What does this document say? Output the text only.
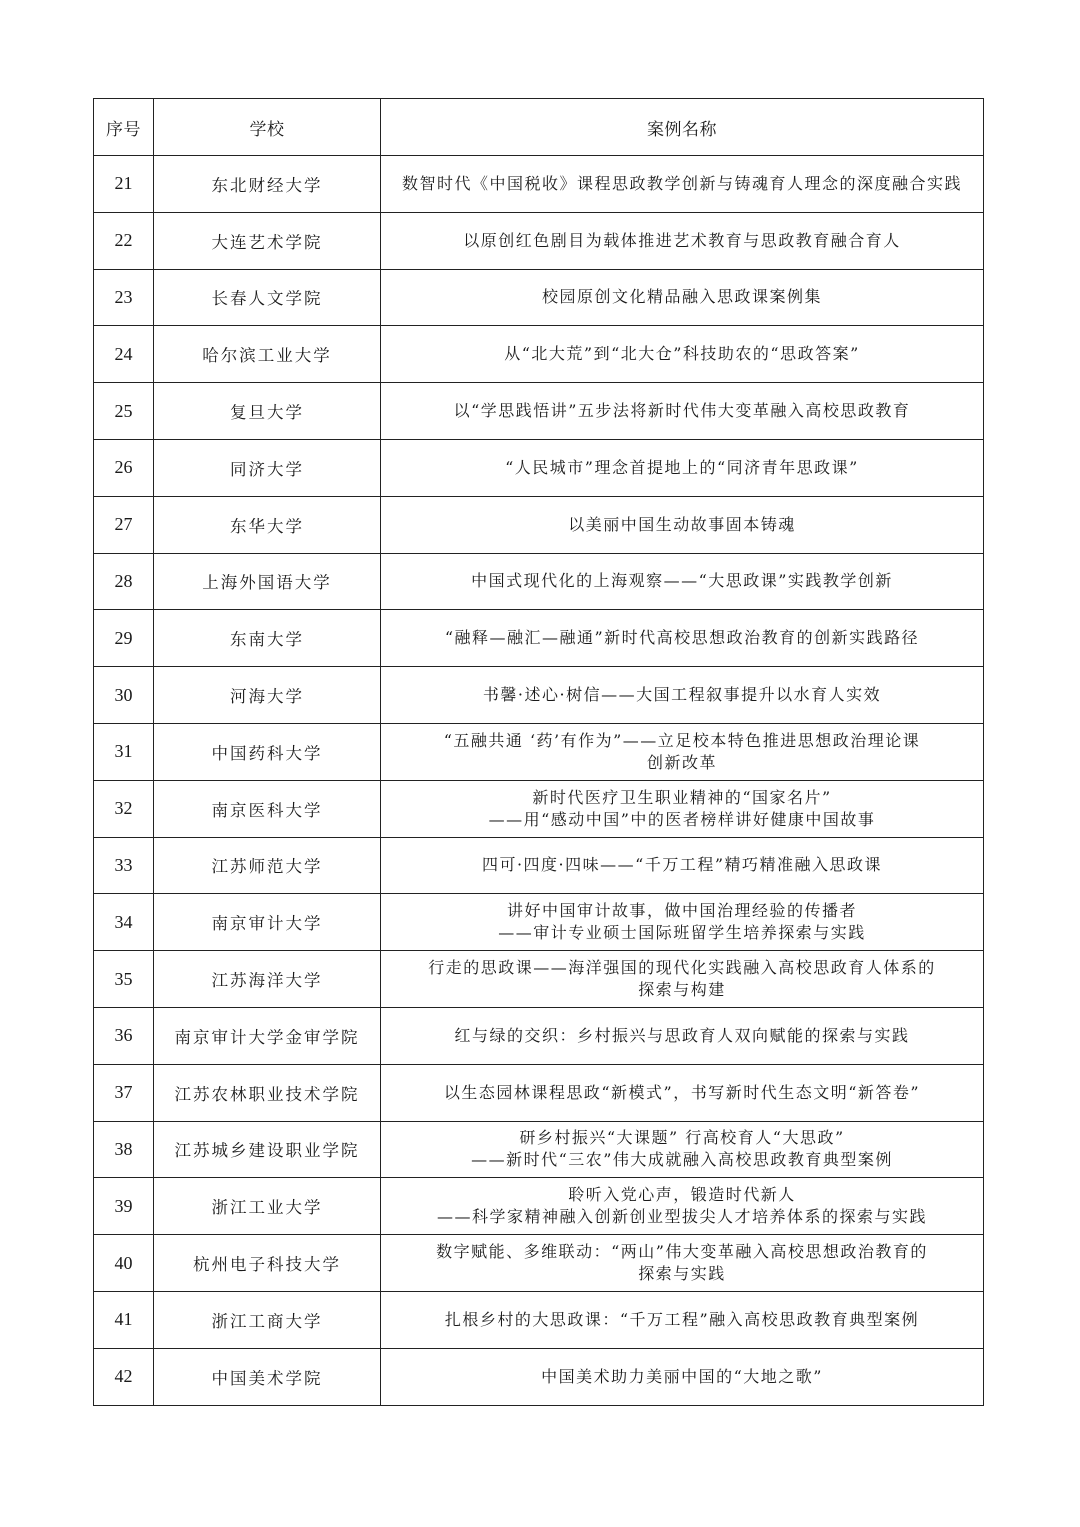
序号	学校	案例名称
21	东北财经大学	数智时代《中国税收》课程思政教学创新与铸魂育人理念的深度融合实践

22	大连艺术学院	以原创红色剧目为载体推进艺术教育与思政教育融合育人

23	长春人文学院	校园原创文化精品融入思政课案例集

24	哈尔滨工业大学	从“北大荒”到“北大仓”科技助农的“思政答案”

25	复旦大学	以“学思践悟讲”五步法将新时代伟大变革融入高校思政教育

26	同济大学	“人民城市”理念首提地上的“同济青年思政课”

27	东华大学	以美丽中国生动故事固本铸魂

28	上海外国语大学	中国式现代化的上海观察——“大思政课”实践教学创新

29	东南大学	“融释—融汇—融通”新时代高校思想政治教育的创新实践路径

30	河海大学	书馨·述心·树信——大国工程叙事提升以水育人实效

31	中国药科大学	“五融共通 ‘药’有作为”——立足校本特色推进思想政治理论课
创新改革

32	南京医科大学	新时代医疗卫生职业精神的“国家名片”
——用“感动中国”中的医者榜样讲好健康中国故事

33	江苏师范大学	四可·四度·四味——“千万工程”精巧精准融入思政课

34	南京审计大学	讲好中国审计故事，做中国治理经验的传播者
——审计专业硕士国际班留学生培养探索与实践

35	江苏海洋大学	行走的思政课——海洋强国的现代化实践融入高校思政育人体系的
探索与构建

36	南京审计大学金审学院	红与绿的交织：乡村振兴与思政育人双向赋能的探索与实践

37	江苏农林职业技术学院	以生态园林课程思政“新模式”，书写新时代生态文明“新答卷”

38	江苏城乡建设职业学院	研乡村振兴“大课题” 行高校育人“大思政”
——新时代“三农”伟大成就融入高校思政教育典型案例

39	浙江工业大学	聆听入党心声，锻造时代新人
——科学家精神融入创新创业型拔尖人才培养体系的探索与实践

40	杭州电子科技大学	数字赋能、多维联动：“两山”伟大变革融入高校思想政治教育的
探索与实践

41	浙江工商大学	扎根乡村的大思政课：“千万工程”融入高校思政教育典型案例

42	中国美术学院	中国美术助力美丽中国的“大地之歌”
